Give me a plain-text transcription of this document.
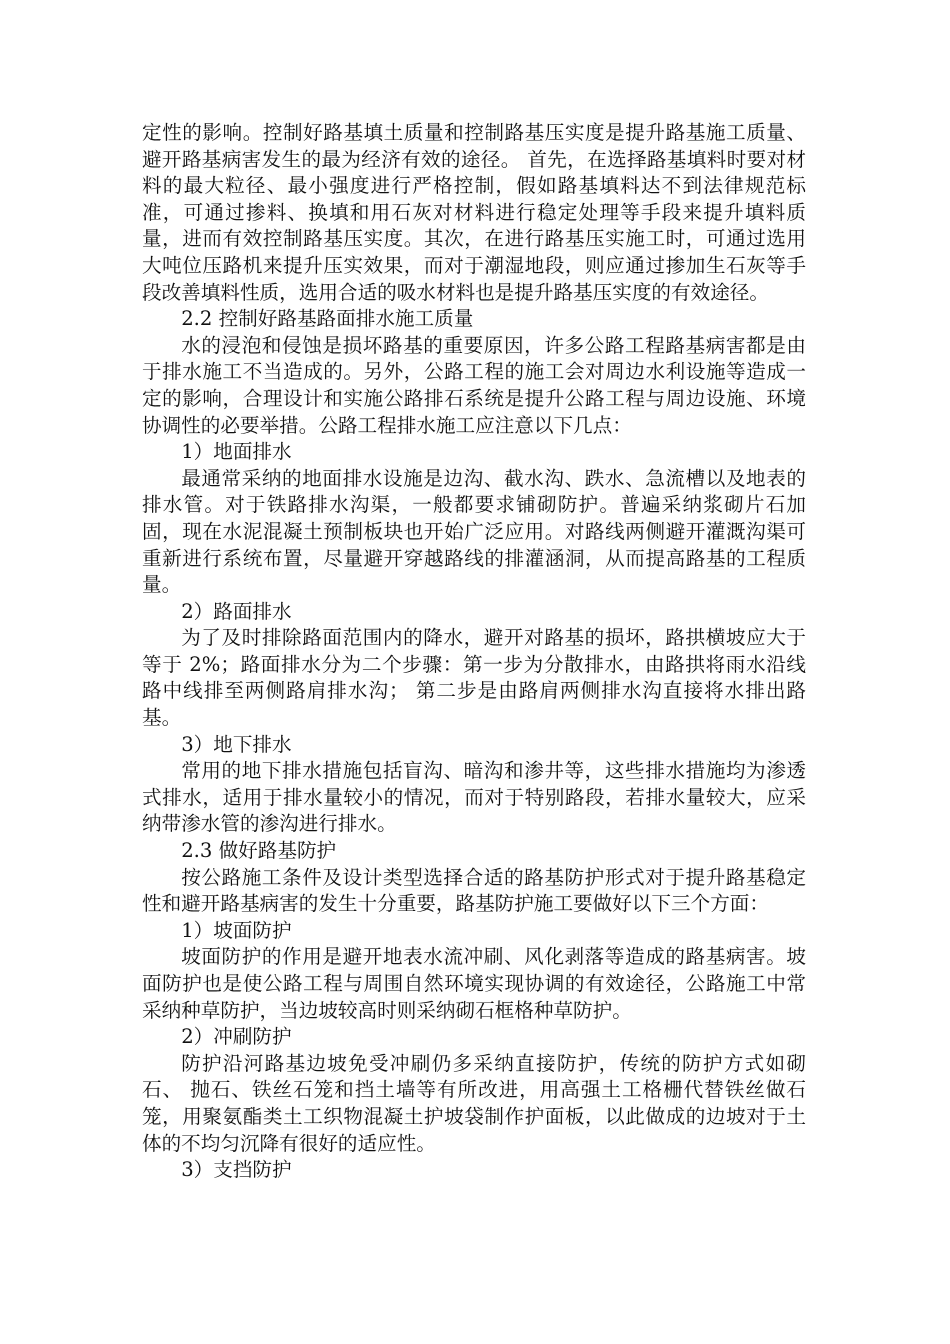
定性的影响。控制好路基填土质量和控制路基压实度是提升路基施工质量、避开路基病害发生的最为经济有效的途径。 首先，在选择路基填料时要对材料的最大粒径、最小强度进行严格控制，假如路基填料达不到法律规范标准，可通过掺料、换填和用石灰对材料进行稳定处理等手段来提升填料质量，进而有效控制路基压实度。其次，在进行路基压实施工时，可通过选用大吨位压路机来提升压实效果，而对于潮湿地段，则应通过掺加生石灰等手段改善填料性质，选用合适的吸水材料也是提升路基压实度的有效途径。

2.2 控制好路基路面排水施工质量

水的浸泡和侵蚀是损坏路基的重要原因，许多公路工程路基病害都是由于排水施工不当造成的。另外，公路工程的施工会对周边水利设施等造成一定的影响，合理设计和实施公路排石系统是提升公路工程与周边设施、环境协调性的必要举措。公路工程排水施工应注意以下几点：

1）地面排水

最通常采纳的地面排水设施是边沟、截水沟、跌水、急流槽以及地表的排水管。对于铁路排水沟渠，一般都要求铺砌防护。普遍采纳浆砌片石加固，现在水泥混凝土预制板块也开始广泛应用。对路线两侧避开灌溉沟渠可重新进行系统布置，尽量避开穿越路线的排灌涵洞，从而提高路基的工程质量。

2）路面排水

为了及时排除路面范围内的降水，避开对路基的损坏，路拱横坡应大于等于 2%；路面排水分为二个步骤：第一步为分散排水，由路拱将雨水沿线路中线排至两侧路肩排水沟； 第二步是由路肩两侧排水沟直接将水排出路基。

3）地下排水

常用的地下排水措施包括盲沟、暗沟和渗井等，这些排水措施均为渗透式排水，适用于排水量较小的情况，而对于特别路段，若排水量较大，应采纳带渗水管的渗沟进行排水。

2.3 做好路基防护

按公路施工条件及设计类型选择合适的路基防护形式对于提升路基稳定性和避开路基病害的发生十分重要，路基防护施工要做好以下三个方面：

1）坡面防护

坡面防护的作用是避开地表水流冲刷、风化剥落等造成的路基病害。坡面防护也是使公路工程与周围自然环境实现协调的有效途径，公路施工中常采纳种草防护，当边坡较高时则采纳砌石框格种草防护。

2）冲刷防护

防护沿河路基边坡免受冲刷仍多采纳直接防护，传统的防护方式如砌石、 抛石、铁丝石笼和挡土墙等有所改进，用高强土工格栅代替铁丝做石笼，用聚氨酯类土工织物混凝土护坡袋制作护面板，以此做成的边坡对于土体的不均匀沉降有很好的适应性。

3）支挡防护
